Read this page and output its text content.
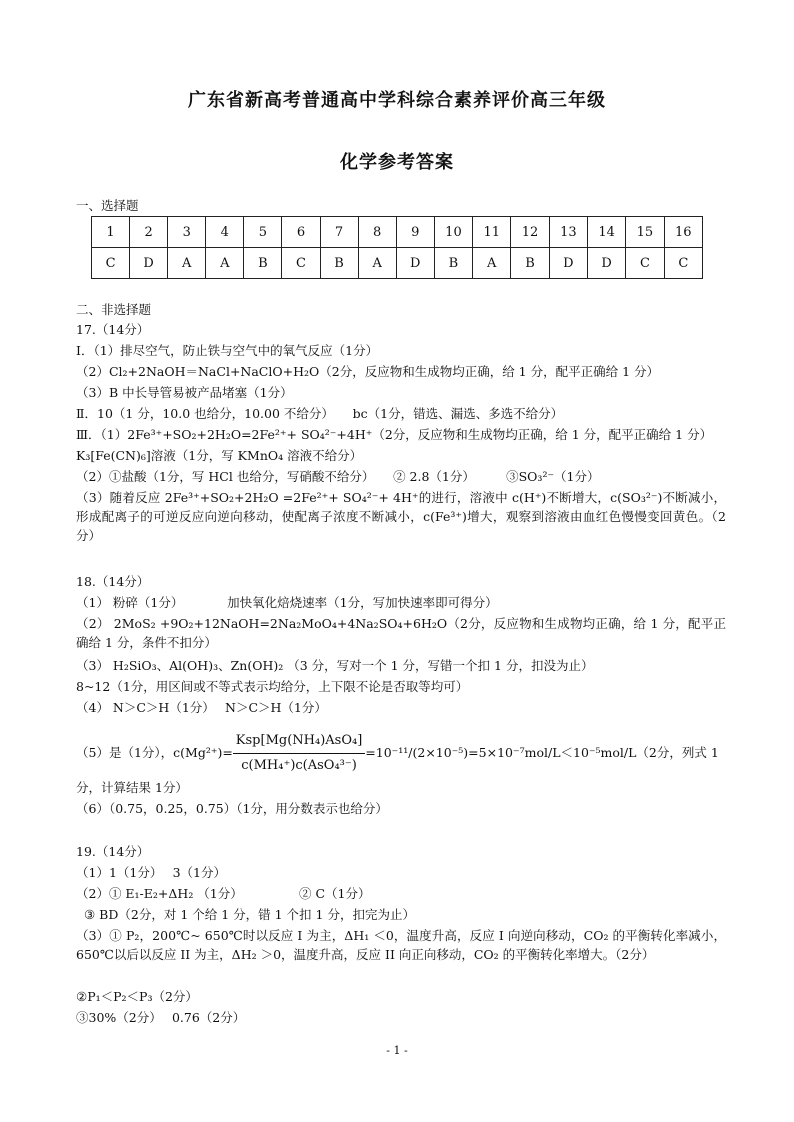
广东省新高考普通高中学科综合素养评价高三年级
化学参考答案
一、选择题
1	2	3	4	5	6	7	8	9	10	11	12	13	14	15	16
C	D	A	A	B	C	B	A	D	B	A	B	D	D	C	C
二、非选择题
17.（14分）
Ⅰ．（1）排尽空气，防止铁与空气中的氧气反应（1分）
（2）Cl₂+2NaOH＝NaCl+NaClO+H₂O（2分，反应物和生成物均正确，给 1 分，配平正确给 1 分）
（3）B 中长导管易被产品堵塞（1分）
Ⅱ．10（1 分，10.0 也给分，10.00 不给分）　　bc（1分，错选、漏选、多选不给分）
Ⅲ．（1）2Fe³⁺+SO₂+2H₂O=2Fe²⁺+ SO₄²⁻+4H⁺（2分，反应物和生成物均正确，给 1 分，配平正确给 1 分）
K₃[Fe(CN)₆]溶液（1分，写 KMnO₄ 溶液不给分）
（2）①盐酸（1分，写 HCl 也给分，写硝酸不给分）　　② 2.8（1分）　　　③SO₃²⁻（1分）
（3）随着反应 2Fe³⁺+SO₂+2H₂O =2Fe²⁺+ SO₄²⁻+ 4H⁺的进行，溶液中 c(H⁺)不断增大，c(SO₃²⁻)不断减小，形成配离子的可逆反应向逆向移动，使配离子浓度不断减小，c(Fe³⁺)增大，观察到溶液由血红色慢慢变回黄色。（2分）
18.（14分）
（1） 粉碎（1分）　　　　加快氧化焙烧速率（1分，写加快速率即可得分）
（2） 2MoS₂ +9O₂+12NaOH=2Na₂MoO₄+4Na₂SO₄+6H₂O（2分，反应物和生成物均正确，给 1 分，配平正确给 1 分，条件不扣分）
（3） H₂SiO₃、Al(OH)₃、Zn(OH)₂ （3 分，写对一个 1 分，写错一个扣 1 分，扣没为止）
8~12（1分，用区间或不等式表示均给分，上下限不论是否取等均可）
（4） N＞C＞H（1分）　 N＞C＞H（1分）
（5）是（1分），$c(Mg^{2+})= \frac{\text{Ksp[Mg(NH₄)AsO₄]}}{\text{c(MH₄⁺)c(AsO₄³⁻)}} =10^{-11}/(2\times 10^{-5})=5\times 10^{-7}mol/L<10^{-5}mol/L(2$分，列式 1
分，计算结果 1分）
（6）（0.75，0.25，0.75）（1分，用分数表示也给分）
19.（14分）
（1）1（1分）　 3（1分）
（2）① E₁-E₂+ΔH₂ （1分）　　　　　② C（1分）
③ BD（2分，对 1 个给 1 分，错 1 个扣 1 分，扣完为止）
（3）① P₂，200℃~ 650℃时以反应 I 为主，ΔH₁ ＜0，温度升高，反应 I 向逆向移动，CO₂ 的平衡转化率减小，650℃以后以反应 II 为主，ΔH₂ ＞0，温度升高，反应 II 向正向移动，CO₂ 的平衡转化率增大。（2分）
②P₁＜P₂＜P₃（2分）
③30%（2分）　 0.76（2分）
- 1 -
